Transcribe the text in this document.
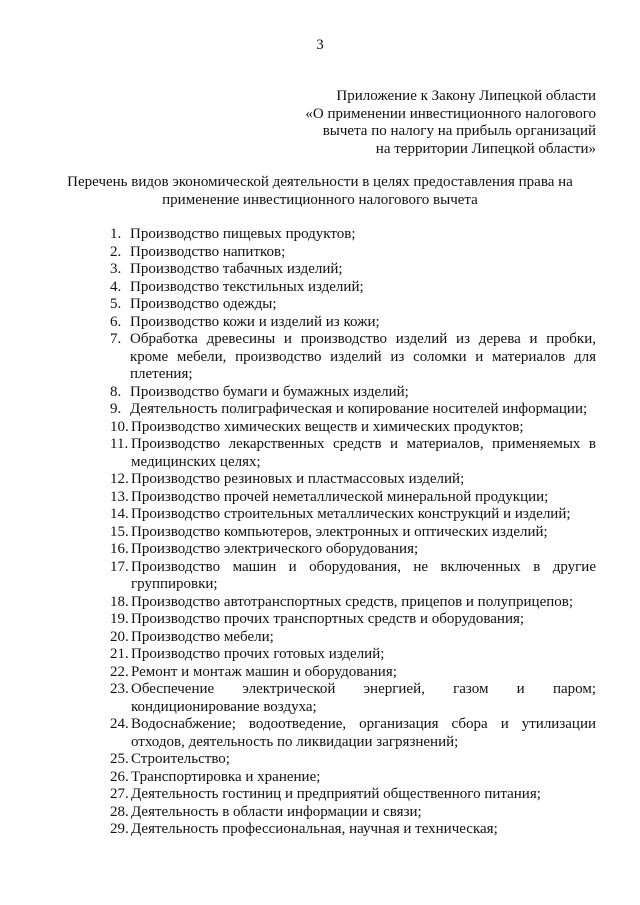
3
Приложение к Закону Липецкой области
«О применении инвестиционного налогового
вычета по налогу на прибыль организаций
на территории Липецкой области»
Перечень видов экономической деятельности в целях предоставления права на
применение инвестиционного налогового вычета
1. Производство пищевых продуктов;
2. Производство напитков;
3. Производство табачных изделий;
4. Производство текстильных изделий;
5. Производство одежды;
6. Производство кожи и изделий из кожи;
7. Обработка древесины и производство изделий из дерева и пробки, кроме мебели, производство изделий из соломки и материалов для плетения;
8. Производство бумаги и бумажных изделий;
9. Деятельность полиграфическая и копирование носителей информации;
10. Производство химических веществ и химических продуктов;
11. Производство лекарственных средств и материалов, применяемых в медицинских целях;
12. Производство резиновых и пластмассовых изделий;
13. Производство прочей неметаллической минеральной продукции;
14. Производство строительных металлических конструкций и изделий;
15. Производство компьютеров, электронных и оптических изделий;
16. Производство электрического оборудования;
17. Производство машин и оборудования, не включенных в другие группировки;
18. Производство автотранспортных средств, прицепов и полуприцепов;
19. Производство прочих транспортных средств и оборудования;
20. Производство мебели;
21. Производство прочих готовых изделий;
22. Ремонт и монтаж машин и оборудования;
23. Обеспечение электрической энергией, газом и паром; кондиционирование воздуха;
24. Водоснабжение; водоотведение, организация сбора и утилизации отходов, деятельность по ликвидации загрязнений;
25. Строительство;
26. Транспортировка и хранение;
27. Деятельность гостиниц и предприятий общественного питания;
28. Деятельность в области информации и связи;
29. Деятельность профессиональная, научная и техническая;
